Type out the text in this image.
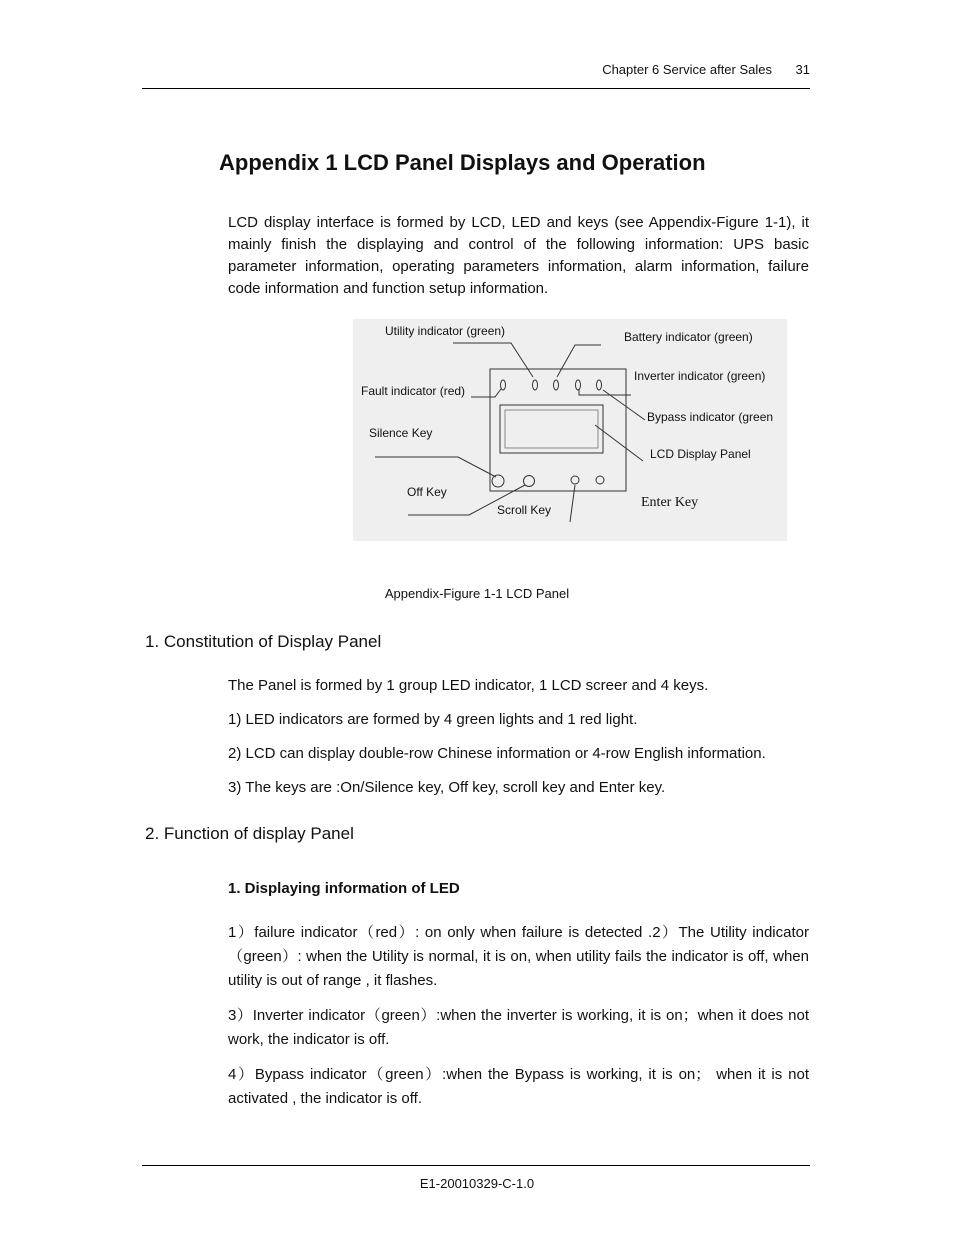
Chapter 6 Service after Sales 31
Appendix 1 LCD Panel Displays and Operation

LCD display interface is formed by LCD, LED and keys (see Appendix-Figure 1-1), it mainly finish the displaying and control of the following information: UPS basic parameter information, operating parameters information, alarm information, failure code information and function setup information.

Utility indicator (green)	Battery indicator (green)
Inverter indicator (green)
Fault indicator (red)
Bypass indicator (green
Silence Key
LCD Display Panel
Off Key
Enter Key
Scroll Key

Appendix-Figure 1-1 LCD Panel

1. Constitution of Display Panel

The Panel is formed by 1 group LED indicator, 1 LCD screer and 4 keys.

1) LED indicators are formed by 4 green lights and 1 red light.

2) LCD can display double-row Chinese information or 4-row English information.

3) The keys are :On/Silence key, Off key, scroll key and Enter key.

2. Function of display Panel

1. Displaying information of LED

1）failure indicator（red）: on only when failure is detected .2）The Utility indicator（green）: when the Utility is normal, it is on, when utility fails the indicator is off, when utility is out of range , it flashes.

3）Inverter indicator（green）:when the inverter is working, it is on；when it does not work, the indicator is off.

4）Bypass indicator（green）:when the Bypass is working, it is on； when it is not activated , the indicator is off.

E1-20010329-C-1.0
